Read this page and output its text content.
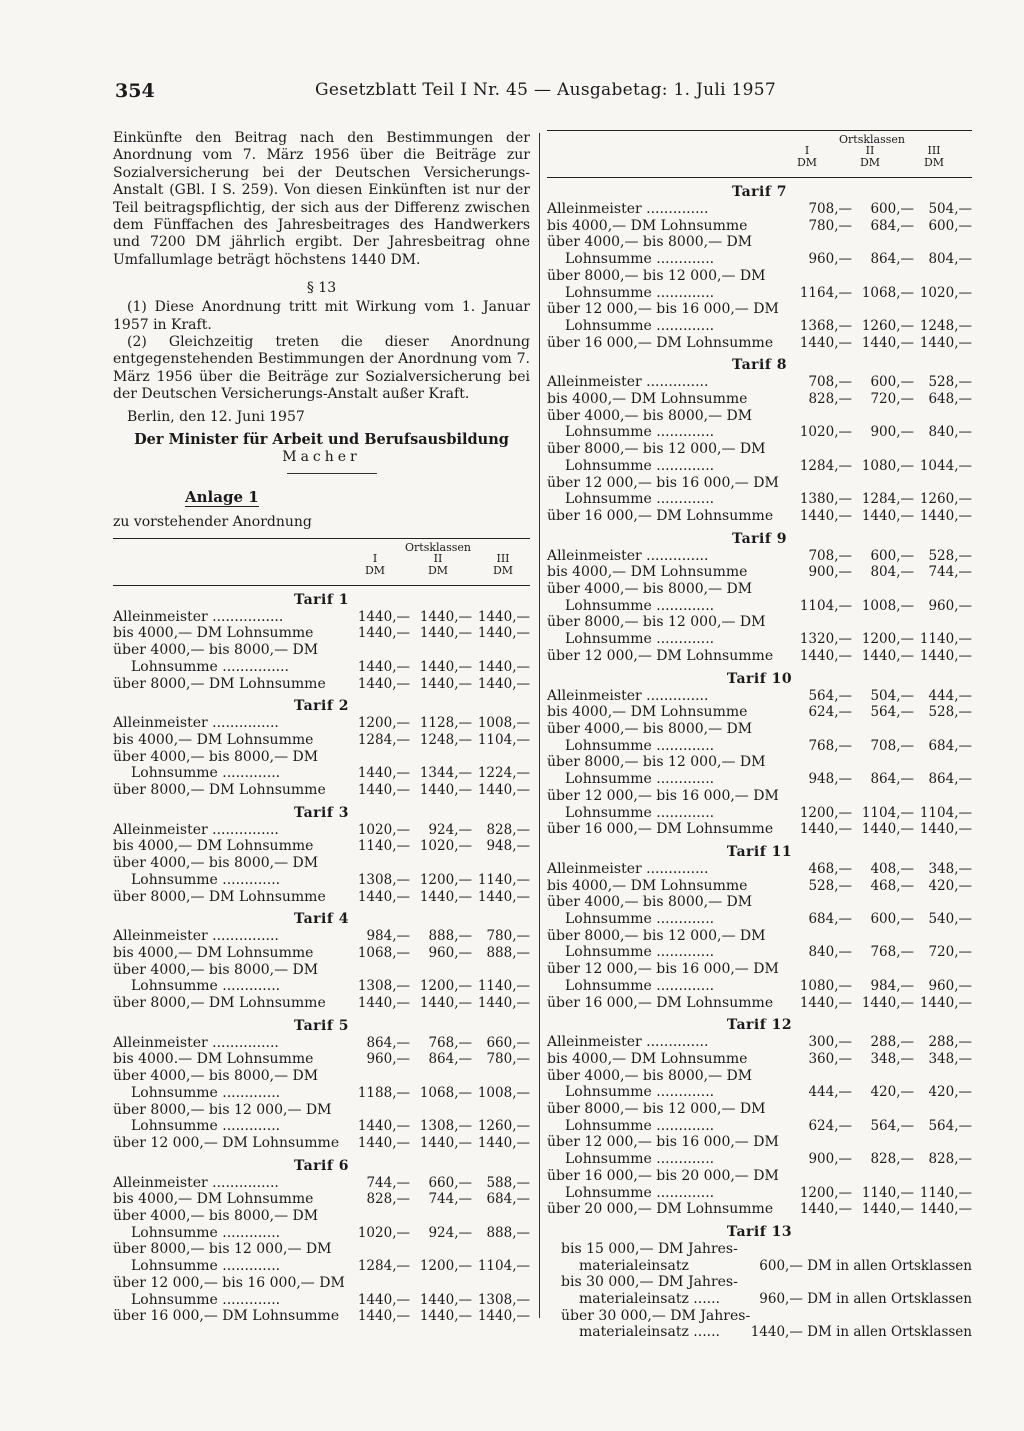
354	Gesetzblatt Teil I Nr. 45 — Ausgabetag: 1. Juli 1957

Einkünfte den Beitrag nach den Bestimmungen der Anordnung vom 7. März 1956 über die Beiträge zur Sozialversicherung bei der Deutschen Versicherungs-Anstalt (GBl. I S. 259). Von diesen Einkünften ist nur der Teil beitragspflichtig, der sich aus der Differenz zwischen dem Fünffachen des Jahresbeitrages des Handwerkers und 7200 DM jährlich ergibt. Der Jahresbeitrag ohne Umfallumlage beträgt höchstens 1440 DM.

§ 13

(1) Diese Anordnung tritt mit Wirkung vom 1. Januar 1957 in Kraft.

(2) Gleichzeitig treten die dieser Anordnung entgegenstehenden Bestimmungen der Anordnung vom 7. März 1956 über die Beiträge zur Sozialversicherung bei der Deutschen Versicherungs-Anstalt außer Kraft.

Berlin, den 12. Juni 1957
Der Minister für Arbeit und Berufsausbildung
Macher
Anlage 1
zu vorstehender Anordnung
Ortsklassen
I
DM
II
DM
III
DM
Tarif 1
Alleinmeister ................	1440,— 1440,— 1440,—
bis 4000,— DM Lohnsumme	1440,— 1440,— 1440,—
über 4000,— bis 8000,— DM
Lohnsumme ...............	1440,— 1440,— 1440,—
über 8000,— DM Lohnsumme	1440,— 1440,— 1440,—
Tarif 2
Alleinmeister ...............	1200,— 1128,— 1008,—
bis 4000,— DM Lohnsumme	1284,— 1248,— 1104,—
über 4000,— bis 8000,— DM
Lohnsumme .............	1440,— 1344,— 1224,—
über 8000,— DM Lohnsumme	1440,— 1440,— 1440,—
Tarif 3
Alleinmeister ...............	1020,— 924,— 828,—
bis 4000,— DM Lohnsumme	1140,— 1020,— 948,—
über 4000,— bis 8000,— DM
Lohnsumme .............	1308,— 1200,— 1140,—
über 8000,— DM Lohnsumme	1440,— 1440,— 1440,—
Tarif 4
Alleinmeister ...............	984,— 888,— 780,—
bis 4000,— DM Lohnsumme	1068,— 960,— 888,—
über 4000,— bis 8000,— DM
Lohnsumme .............	1308,— 1200,— 1140,—
über 8000,— DM Lohnsumme	1440,— 1440,— 1440,—
Tarif 5
Alleinmeister ...............	864,— 768,— 660,—
bis 4000.— DM Lohnsumme	960,— 864,— 780,—
über 4000,— bis 8000,— DM
Lohnsumme .............	1188,— 1068,— 1008,—
über 8000,— bis 12 000,— DM
Lohnsumme .............	1440,— 1308,— 1260,—
über 12 000,— DM Lohnsumme	1440,— 1440,— 1440,—
Tarif 6
Alleinmeister ...............	744,— 660,— 588,—
bis 4000,— DM Lohnsumme	828,— 744,— 684,—
über 4000,— bis 8000,— DM
Lohnsumme .............	1020,— 924,— 888,—
über 8000,— bis 12 000,— DM
Lohnsumme .............	1284,— 1200,— 1104,—
über 12 000,— bis 16 000,— DM
Lohnsumme .............	1440,— 1440,— 1308,—
über 16 000,— DM Lohnsumme	1440,— 1440,— 1440,—
Ortsklassen
I
DM
II
DM
III
DM
Tarif 7
Alleinmeister ..............	708,— 600,— 504,—
bis 4000,— DM Lohnsumme	780,— 684,— 600,—
über 4000,— bis 8000,— DM
Lohnsumme .............	960,— 864,— 804,—
über 8000,— bis 12 000,— DM
Lohnsumme .............	1164,— 1068,— 1020,—
über 12 000,— bis 16 000,— DM
Lohnsumme .............	1368,— 1260,— 1248,—
über 16 000,— DM Lohnsumme	1440,— 1440,— 1440,—
Tarif 8
Alleinmeister ..............	708,— 600,— 528,—
bis 4000,— DM Lohnsumme	828,— 720,— 648,—
über 4000,— bis 8000,— DM
Lohnsumme .............	1020,— 900,— 840,—
über 8000,— bis 12 000,— DM
Lohnsumme .............	1284,— 1080,— 1044,—
über 12 000,— bis 16 000,— DM
Lohnsumme .............	1380,— 1284,— 1260,—
über 16 000,— DM Lohnsumme	1440,— 1440,— 1440,—
Tarif 9
Alleinmeister ..............	708,— 600,— 528,—
bis 4000,— DM Lohnsumme	900,— 804,— 744,—
über 4000,— bis 8000,— DM
Lohnsumme .............	1104,— 1008,— 960,—
über 8000,— bis 12 000,— DM
Lohnsumme .............	1320,— 1200,— 1140,—
über 12 000,— DM Lohnsumme	1440,— 1440,— 1440,—
Tarif 10
Alleinmeister ..............	564,— 504,— 444,—
bis 4000,— DM Lohnsumme	624,— 564,— 528,—
über 4000,— bis 8000,— DM
Lohnsumme .............	768,— 708,— 684,—
über 8000,— bis 12 000,— DM
Lohnsumme .............	948,— 864,— 864,—
über 12 000,— bis 16 000,— DM
Lohnsumme .............	1200,— 1104,— 1104,—
über 16 000,— DM Lohnsumme	1440,— 1440,— 1440,—
Tarif 11
Alleinmeister ..............	468,— 408,— 348,—
bis 4000,— DM Lohnsumme	528,— 468,— 420,—
über 4000,— bis 8000,— DM
Lohnsumme .............	684,— 600,— 540,—
über 8000,— bis 12 000,— DM
Lohnsumme .............	840,— 768,— 720,—
über 12 000,— bis 16 000,— DM
Lohnsumme .............	1080,— 984,— 960,—
über 16 000,— DM Lohnsumme	1440,— 1440,— 1440,—
Tarif 12
Alleinmeister ..............	300,— 288,— 288,—
bis 4000,— DM Lohnsumme	360,— 348,— 348,—
über 4000,— bis 8000,— DM
Lohnsumme .............	444,— 420,— 420,—
über 8000,— bis 12 000,— DM
Lohnsumme .............	624,— 564,— 564,—
über 12 000,— bis 16 000,— DM
Lohnsumme .............	900,— 828,— 828,—
über 16 000,— bis 20 000,— DM
Lohnsumme .............	1200,— 1140,— 1140,—
über 20 000,— DM Lohnsumme	1440,— 1440,— 1440,—
Tarif 13
bis 15 000,— DM Jahres-
materialeinsatz	600,— DM in allen Ortsklassen
bis 30 000,— DM Jahres-
materialeinsatz ......	960,— DM in allen Ortsklassen
über 30 000,— DM Jahres-
materialeinsatz ......	1440,— DM in allen Ortsklassen
